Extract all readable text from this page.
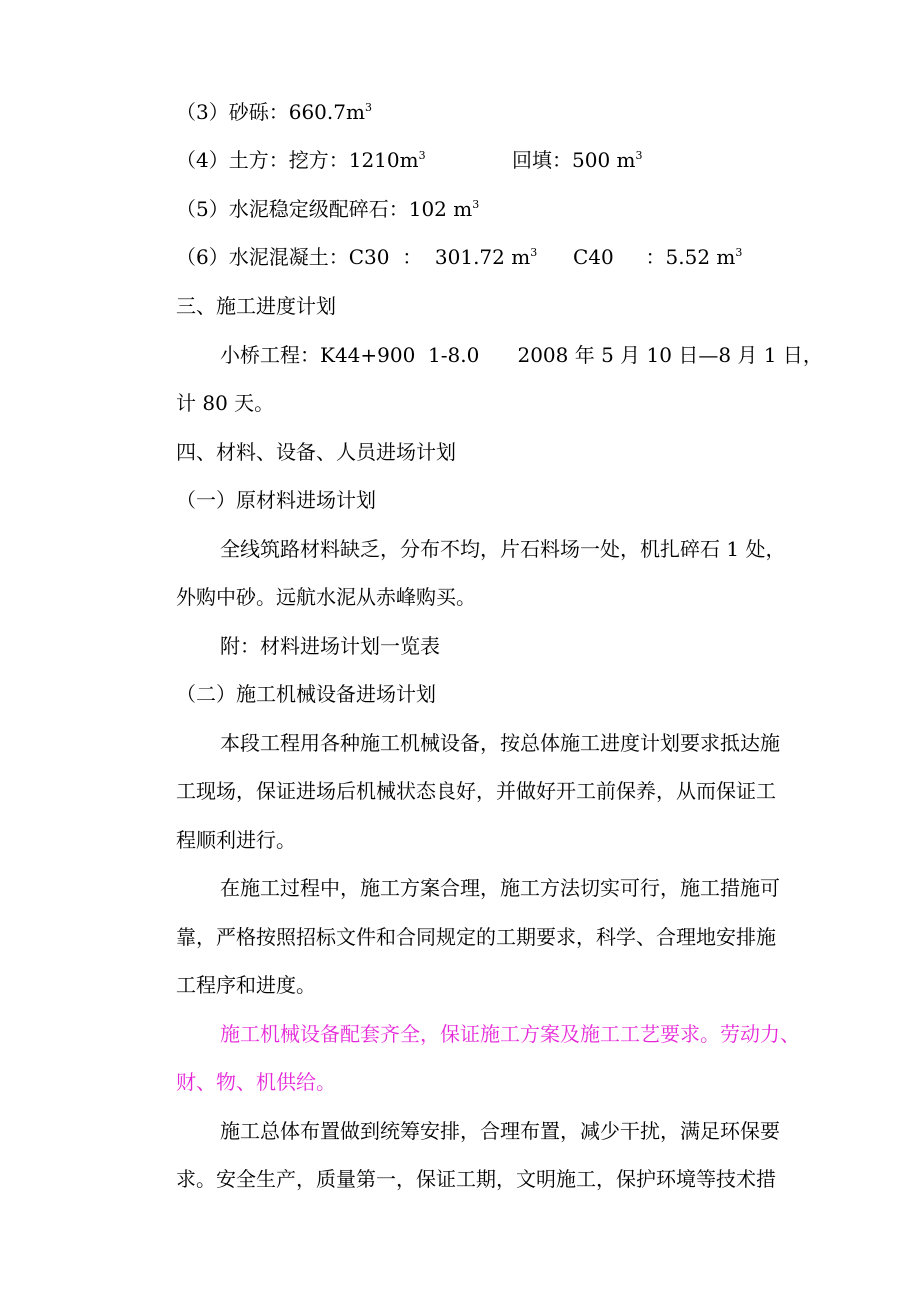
（3）砂砾：$660.7m^3$
（4）土方：挖方：$1210m^3$	回填：500 $m^3$
（5）水泥稳定级配碎石：102 $m^3$
（6）水泥混凝土：C30  ：  301.72 $m^3$ C40     ：5.52 $m^3$
三、施工进度计划
小桥工程：K44+900  1-8.0      2008 年 5 月 10 日—8 月 1 日，
计 80 天。
四、材料、设备、人员进场计划
（一）原材料进场计划
全线筑路材料缺乏，分布不均，片石料场一处，机扎碎石 1 处，
外购中砂。远航水泥从赤峰购买。
附：材料进场计划一览表
（二）施工机械设备进场计划
本段工程用各种施工机械设备，按总体施工进度计划要求抵达施
工现场，保证进场后机械状态良好，并做好开工前保养，从而保证工
程顺利进行。
在施工过程中，施工方案合理，施工方法切实可行，施工措施可
靠，严格按照招标文件和合同规定的工期要求，科学、合理地安排施
工程序和进度。
施工机械设备配套齐全，保证施工方案及施工工艺要求。劳动力、
财、物、机供给。
施工总体布置做到统筹安排，合理布置，减少干扰，满足环保要
求。安全生产，质量第一，保证工期，文明施工，保护环境等技术措
